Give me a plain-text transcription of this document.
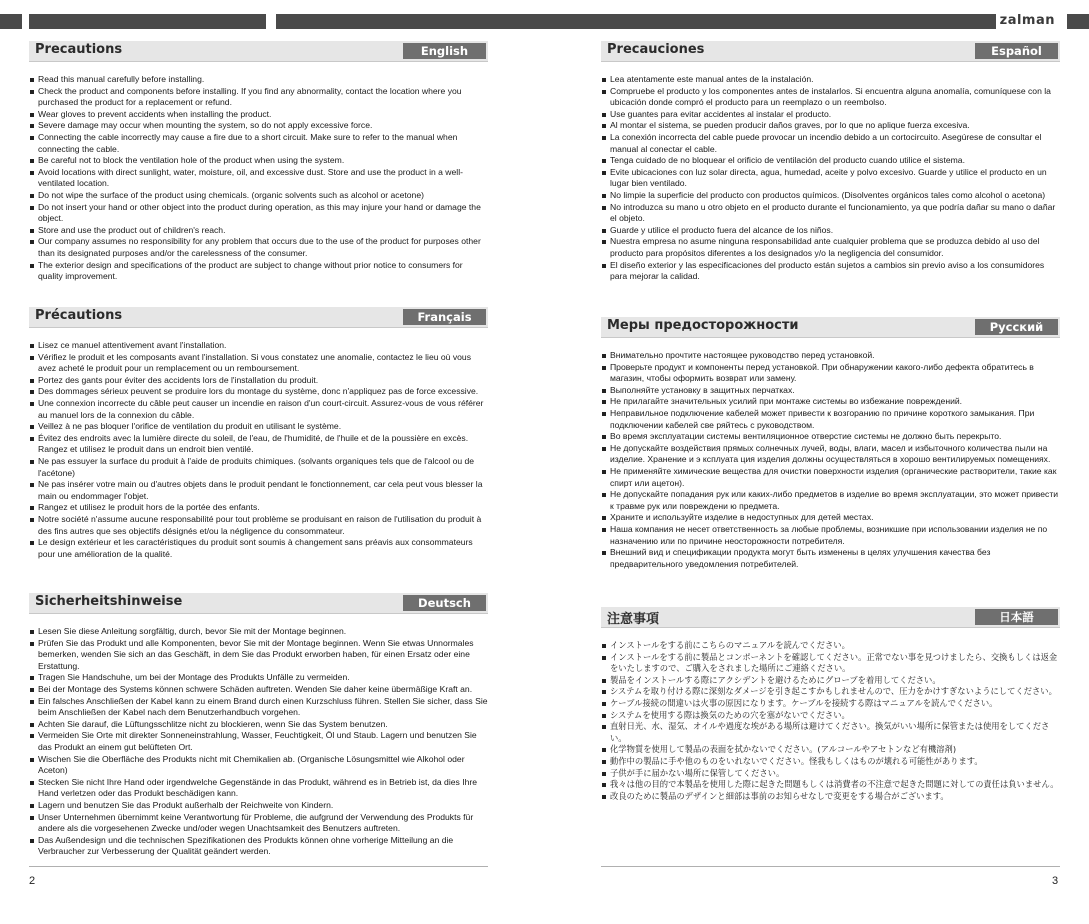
zalman
Precautions	English
Read this manual carefully before installing.
Check the product and components before installing. If you find any abnormality, contact the location where you purchased the product for a replacement or refund.
Wear gloves to prevent accidents when installing the product.
Severe damage may occur when mounting the system, so do not apply excessive force.
Connecting the cable incorrectly may cause a fire due to a short circuit. Make sure to refer to the manual when connecting the cable.
Be careful not to block the ventilation hole of the product when using the system.
Avoid locations with direct sunlight, water, moisture, oil, and excessive dust. Store and use the product in a well-ventilated location.
Do not wipe the surface of the product using chemicals. (organic solvents such as alcohol or acetone)
Do not insert your hand or other object into the product during operation, as this may injure your hand or damage the object.
Store and use the product out of children's reach.
Our company assumes no responsibility for any problem that occurs due to the use of the product for purposes other than its designated purposes and/or the carelessness of the consumer.
The exterior design and specifications of the product are subject to change without prior notice to consumers for quality improvement.
Précautions	Français
Lisez ce manuel attentivement avant l'installation.
Vérifiez le produit et les composants avant l'installation. Si vous constatez une anomalie, contactez le lieu où vous avez acheté le produit pour un remplacement ou un remboursement.
Portez des gants pour éviter des accidents lors de l'installation du produit.
Des dommages sérieux peuvent se produire lors du montage du système, donc n'appliquez pas de force excessive.
Une connexion incorrecte du câble peut causer un incendie en raison d'un court-circuit. Assurez-vous de vous référer au manuel lors de la connexion du câble.
Veillez à ne pas bloquer l'orifice de ventilation du produit en utilisant le système.
Évitez des endroits avec la lumière directe du soleil, de l'eau, de l'humidité, de l'huile et de la poussière en excès. Rangez et utilisez le produit dans un endroit bien ventilé.
Ne pas essuyer la surface du produit à l'aide de produits chimiques. (solvants organiques tels que de l'alcool ou de l'acétone)
Ne pas insérer votre main ou d'autres objets dans le produit pendant le fonctionnement, car cela peut vous blesser la main ou endommager l'objet.
Rangez et utilisez le produit hors de la portée des enfants.
Notre société n'assume aucune responsabilité pour tout problème se produisant en raison de l'utilisation du produit à des fins autres que ses objectifs désignés et/ou la négligence du consommateur.
Le design extérieur et les caractéristiques du produit sont soumis à changement sans préavis aux consommateurs pour une amélioration de la qualité.
Sicherheitshinweise	Deutsch
Lesen Sie diese Anleitung sorgfältig, durch, bevor Sie mit der Montage beginnen.
Prüfen Sie das Produkt und alle Komponenten, bevor Sie mit der Montage beginnen. Wenn Sie etwas Unnormales bemerken, wenden Sie sich an das Geschäft, in dem Sie das Produkt erworben haben, für einen Ersatz oder eine Erstattung.
Tragen Sie Handschuhe, um bei der Montage des Produkts Unfälle zu vermeiden.
Bei der Montage des Systems können schwere Schäden auftreten. Wenden Sie daher keine übermäßige Kraft an.
Ein falsches Anschließen der Kabel kann zu einem Brand durch einen Kurzschluss führen. Stellen Sie sicher, dass Sie beim Anschließen der Kabel nach dem Benutzerhandbuch vorgehen.
Achten Sie darauf, die Lüftungsschlitze nicht zu blockieren, wenn Sie das System benutzen.
Vermeiden Sie Orte mit direkter Sonneneinstrahlung, Wasser, Feuchtigkeit, Öl und Staub. Lagern und benutzen Sie das Produkt an einem gut belüfteten Ort.
Wischen Sie die Oberfläche des Produkts nicht mit Chemikalien ab. (Organische Lösungsmittel wie Alkohol oder Aceton)
Stecken Sie nicht Ihre Hand oder irgendwelche Gegenstände in das Produkt, während es in Betrieb ist, da dies Ihre Hand verletzen oder das Produkt beschädigen kann.
Lagern und benutzen Sie das Produkt außerhalb der Reichweite von Kindern.
Unser Unternehmen übernimmt keine Verantwortung für Probleme, die aufgrund der Verwendung des Produkts für andere als die vorgesehenen Zwecke und/oder wegen Unachtsamkeit des Benutzers auftreten.
Das Außendesign und die technischen Spezifikationen des Produkts können ohne vorherige Mitteilung an die Verbraucher zur Verbesserung der Qualität geändert werden.
Precauciones	Español
Lea atentamente este manual antes de la instalación.
Compruebe el producto y los componentes antes de instalarlos. Si encuentra alguna anomalía, comuníquese con la ubicación donde compró el producto para un reemplazo o un reembolso.
Use guantes para evitar accidentes al instalar el producto.
Al montar el sistema, se pueden producir daños graves, por lo que no aplique fuerza excesiva.
La conexión incorrecta del cable puede provocar un incendio debido a un cortocircuito. Asegúrese de consultar el manual al conectar el cable.
Tenga cuidado de no bloquear el orificio de ventilación del producto cuando utilice el sistema.
Evite ubicaciones con luz solar directa, agua, humedad, aceite y polvo excesivo. Guarde y utilice el producto en un lugar bien ventilado.
No limpie la superficie del producto con productos químicos. (Disolventes orgánicos tales como alcohol o acetona)
No introduzca su mano u otro objeto en el producto durante el funcionamiento, ya que podría dañar su mano o dañar el objeto.
Guarde y utilice el producto fuera del alcance de los niños.
Nuestra empresa no asume ninguna responsabilidad ante cualquier problema que se produzca debido al uso del producto para propósitos diferentes a los designados y/o la negligencia del consumidor.
El diseño exterior y las especificaciones del producto están sujetos a cambios sin previo aviso a los consumidores para mejorar la calidad.
Меры предосторожности	Русский
Внимательно прочтите настоящее руководство перед установкой.
Проверьте продукт и компоненты перед установкой. При обнаружении какого-либо дефекта обратитесь в магазин, чтобы оформить возврат или замену.
Выполняйте установку в защитных перчатках.
Не прилагайте значительных усилий при монтаже системы во избежание повреждений.
Неправильное подключение кабелей может привести к возгоранию по причине короткого замыкания. При подключении кабелей све ряйтесь с руководством.
Во время эксплуатации системы вентиляционное отверстие системы не должно быть перекрыто.
Не допускайте воздействия прямых солнечных лучей, воды, влаги, масел и избыточного количества пыли на изделие. Хранение и э ксплуата ция изделия должны осуществляться в хорошо вентилируемых помещениях.
Не применяйте химические вещества для очистки поверхности изделия (органические растворители, такие как спирт или ацетон).
Не допускайте попадания рук или каких-либо предметов в изделие во время эксплуатации, это может привести к травме рук или повреждени ю предмета.
Храните и используйте изделие в недоступных для детей местах.
Наша компания не несет ответственность за любые проблемы, возникшие при использовании изделия не по назначению или по причине неосторожности потребителя.
Внешний вид и спецификации продукта могут быть изменены в целях улучшения качества без предварительного уведомления потребителей.
注意事項	日本語
インストールをする前にこちらのマニュアルを読んでください。
インストールをする前に製品とコンポーネントを確認してください。正常でない事を見つけましたら、交換もしくは返金をいたしますので、ご購入をされました場所にご連絡ください。
製品をインストールする際にアクシデントを避けるためにグローブを着用してください。
システムを取り付ける際に深刻なダメージを引き起こすかもしれませんので、圧力をかけすぎないようにしてください。
ケーブル接続の間違いは火事の原因になります。ケーブルを接続する際はマニュアルを読んでください。
システムを使用する際は換気のための穴を塞がないでください。
直射日光、水、湿気、オイルや過度な埃がある場所は避けてください。換気がいい場所に保管または使用をしてください。
化学物質を使用して製品の表面を拭かないでください。(アルコールやアセトンなど有機溶剤)
動作中の製品に手や他のものをいれないでください。怪我もしくはものが壊れる可能性があります。
子供が手に届かない場所に保管してください。
我々は他の目的で本製品を使用した際に起きた問題もしくは消費者の不注意で起きた問題に対しての責任は負いません。
改良のために製品のデザインと細部は事前のお知らせなしで変更をする場合がございます。
2	3
